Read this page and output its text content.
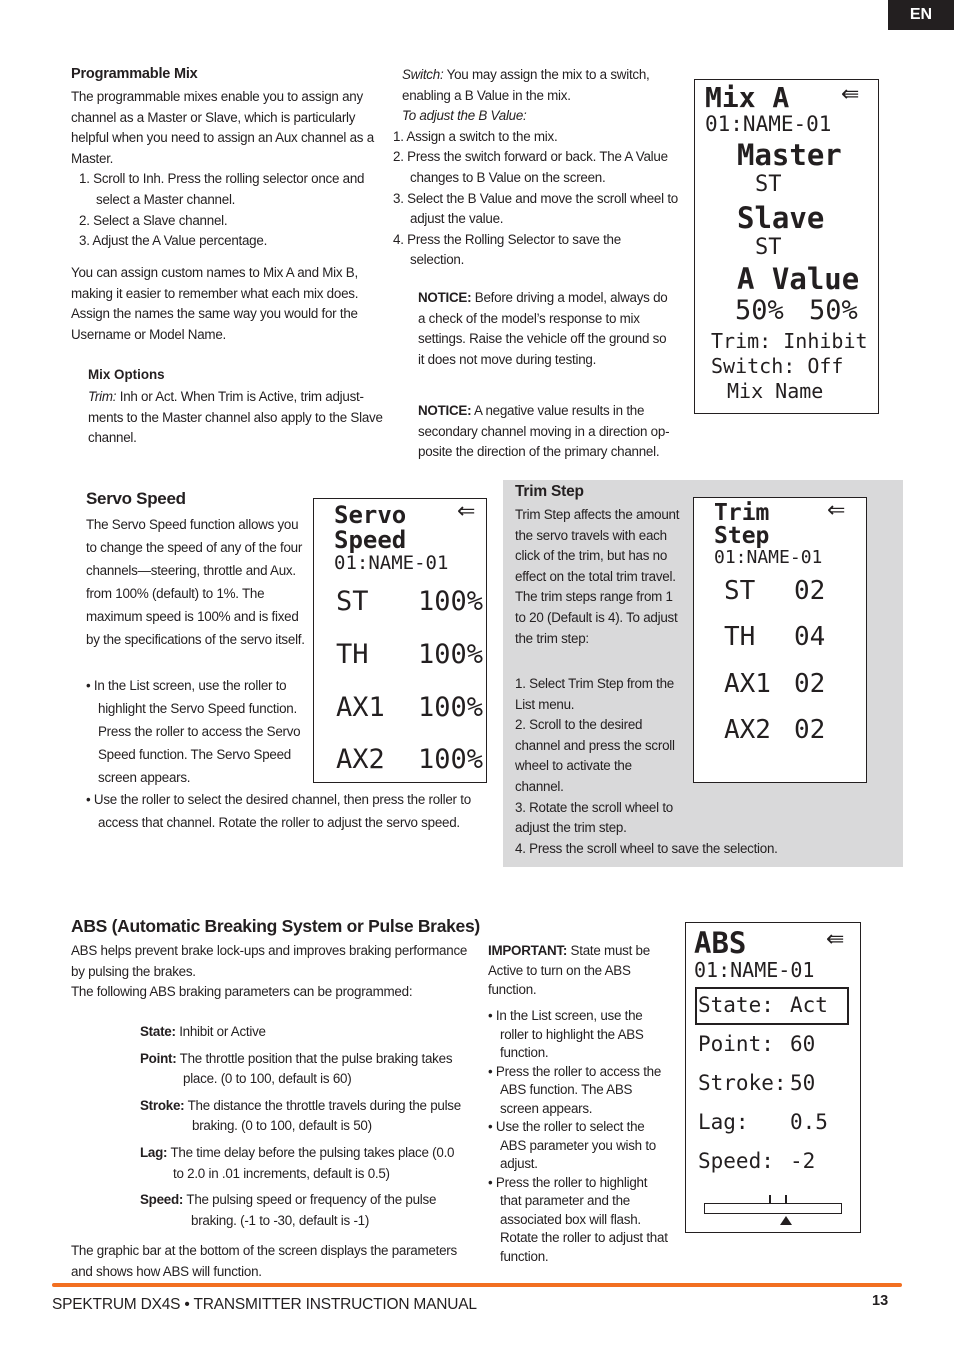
EN
Programmable Mix

The programmable mixes enable you to assign any channel as a Master or Slave, which is particularly helpful when you need to assign an Aux channel as a Master.

1. Scroll to Inh. Press the rolling selector once and select a Master channel.
2. Select a Slave channel.
3. Adjust the A Value percentage.
You can assign custom names to Mix A and Mix B, making it easier to remember what each mix does. Assign the names the same way you would for the Username or Model Name.
Mix Options
Trim: Inh or Act. When Trim is Active, trim adjustments to the Master channel also apply to the Slave channel.

Switch: You may assign the mix to a switch, enabling a B Value in the mix.

To adjust the B Value:

1. Assign a switch to the mix.
2. Press the switch forward or back. The A Value changes to B Value on the screen.
3. Select the B Value and move the scroll wheel to adjust the value.
4. Press the Rolling Selector to save the selection.
NOTICE: Before driving a model, always do a check of the model’s response to mix settings. Raise the vehicle off the ground so it does not move during testing.
NOTICE: A negative value results in the secondary channel moving in a direction opposite the direction of the primary channel.
Mix A ⇚
01:NAME-01
Master
ST
Slave
ST
A Value
50% 50%
Trim: Inhibit
Switch: Off
Mix Name
Servo Speed
The Servo Speed function allows you to change the speed of any of the four channels—steering, throttle and Aux. from 100% (default) to 1%. The maximum speed is 100% and is fixed by the specifications of the servo itself.
• In the List screen, use the roller to highlight the Servo Speed function. Press the roller to access the Servo Speed function. The Servo Speed screen appears.
• Use the roller to select the desired channel, then press the roller to access that channel. Rotate the roller to adjust the servo speed.
Servo
Speed
⇐
01:NAME-01
ST 100%
TH 100%
AX1 100%
AX2 100%
Trim Step
Trim Step affects the amount the servo travels with each click of the trim, but has no effect on the total trim travel. The trim steps range from 1 to 20 (Default is 4). To adjust the trim step:

1. Select Trim Step from the List menu.

2. Scroll to the desired channel and press the scroll wheel to activate the channel.

3. Rotate the scroll wheel to adjust the trim step.

4. Press the scroll wheel to save the selection.

Trim
Step
⇐
01:NAME-01
ST 02
TH 04
AX1 02
AX2 02
ABS (Automatic Breaking System or Pulse Brakes)

ABS helps prevent brake lock-ups and improves braking performance by pulsing the brakes.

The following ABS braking parameters can be programmed:

State: Inhibit or Active

Point: The throttle position that the pulse braking takes place. (0 to 100, default is 60)

Stroke: The distance the throttle travels during the pulse braking. (0 to 100, default is 50)

Lag: The time delay before the pulsing takes place (0.0 to 2.0 in .01 increments, default is 0.5)

Speed: The pulsing speed or frequency of the pulse braking. (-1 to -30, default is -1)

The graphic bar at the bottom of the screen displays the parameters and shows how ABS will function.
IMPORTANT: State must be Active to turn on the ABS function.
• In the List screen, use the roller to highlight the ABS function.
• Press the roller to access the ABS function. The ABS screen appears.
• Use the roller to select the ABS parameter you wish to adjust.
• Press the roller to highlight that parameter and the associated box will flash. Rotate the roller to adjust that function.
ABS	⇚
01:NAME-01
State: Act
Point: 60
Stroke: 50
Lag: 0.5
Speed: -2
SPEKTRUM DX4S • TRANSMITTER INSTRUCTION MANUAL	13
